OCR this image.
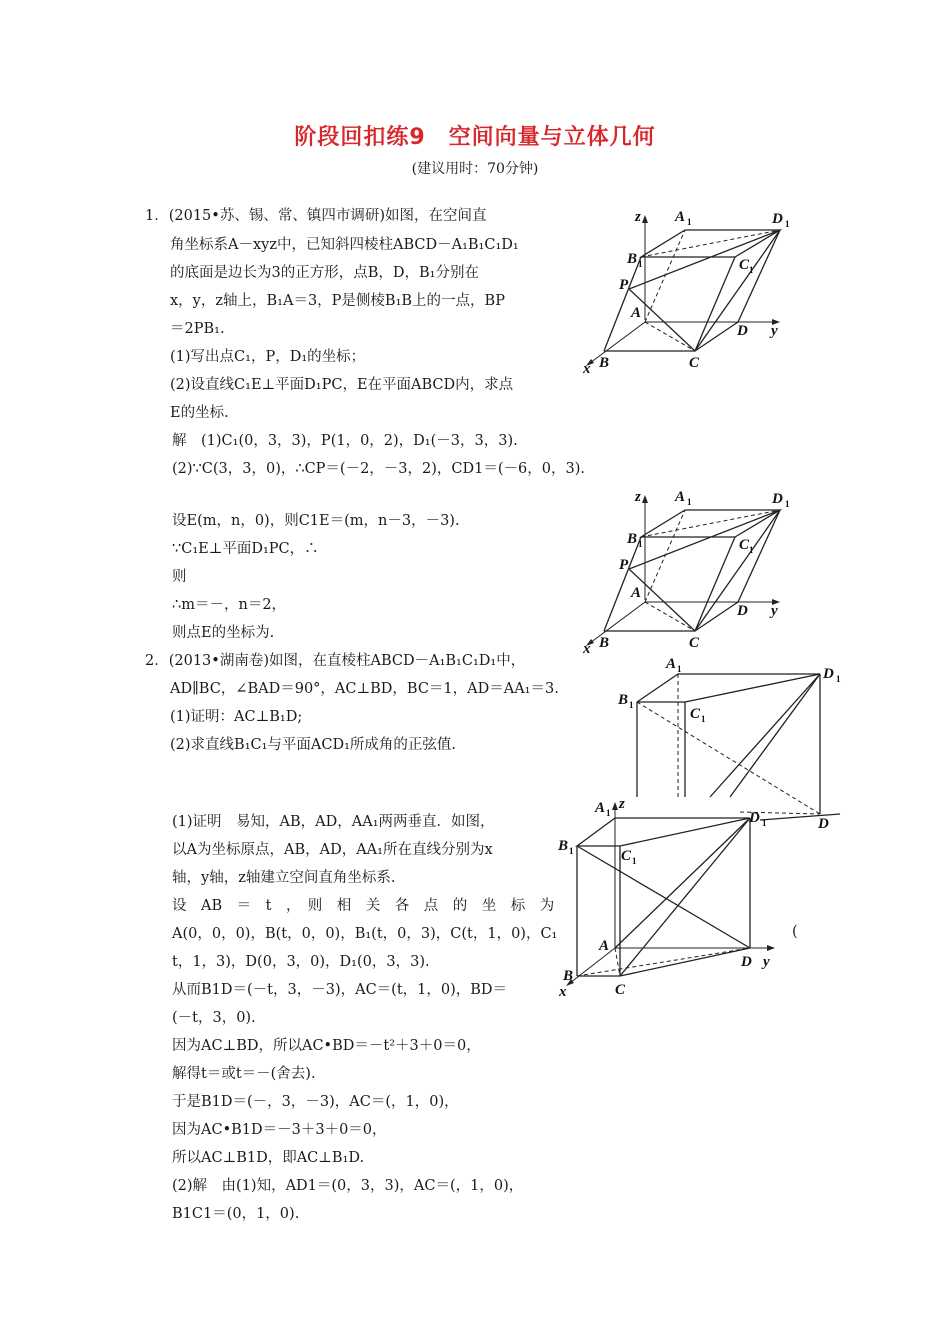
阶段回扣练9　空间向量与立体几何
(建议用时：70分钟)
1．(2015•苏、锡、常、镇四市调研)如图，在空间直
角坐标系A－xyz中，已知斜四棱柱ABCD－A₁B₁C₁D₁
的底面是边长为3的正方形，点B，D，B₁分别在
x，y，z轴上，B₁A＝3，P是侧棱B₁B上的一点，BP
＝2PB₁.
(1)写出点C₁，P，D₁的坐标；
(2)设直线C₁E⊥平面D₁PC，E在平面ABCD内，求点
E的坐标.
解　(1)C₁(0，3，3)，P(1，0，2)，D₁(－3，3，3).
(2)∵C(3，3，0)，∴CP＝(－2，－3，2)，CD1＝(－6，0，3).
设E(m，n，0)，则C1E＝(m，n－3，－3).
∵C₁E⊥平面D₁PC，∴
则
∴m＝－，n＝2，
则点E的坐标为.
2．(2013•湖南卷)如图，在直棱柱ABCD－A₁B₁C₁D₁中，
AD∥BC，∠BAD＝90°，AC⊥BD，BC＝1，AD＝AA₁＝3.
(1)证明：AC⊥B₁D;
(2)求直线B₁C₁与平面ACD₁所成角的正弦值.
(1)证明　易知，AB，AD，AA₁两两垂直．如图，
以A为坐标原点，AB，AD，AA₁所在直线分别为x
轴，y轴，z轴建立空间直角坐标系.
设　AB　＝　t　，　则　相　关　各　点　的　坐　标　为
A(0，0，0)，B(t，0，0)，B₁(t，0，3)，C(t，1，0)，C₁
t，1，3)，D(0，3，0)，D₁(0，3，3).
从而B1D＝(－t，3，－3)，AC＝(t，1，0)，BD＝
(－t，3，0).
因为AC⊥BD，所以AC•BD＝－t²＋3＋0＝0，
解得t＝或t＝－(舍去).
于是B1D＝(－，3，－3)，AC＝(，1，0)，
因为AC•B1D＝－3＋3＋0＝0，
所以AC⊥B1D，即AC⊥B₁D.
(2)解　由(1)知，AD1＝(0，3，3)，AC＝(，1，0)，
B1C1＝(0，1，0).
(
z A 1	D 1
B 1	C 1
P
A
D y
B	C
x
z A 1	D 1
B 1	C 1
P
A
D y
B	C
x
A 1	D 1
B 1
C 1
D
A 1
z
D 1
B 1	C 1
A
D y
B
C
x
